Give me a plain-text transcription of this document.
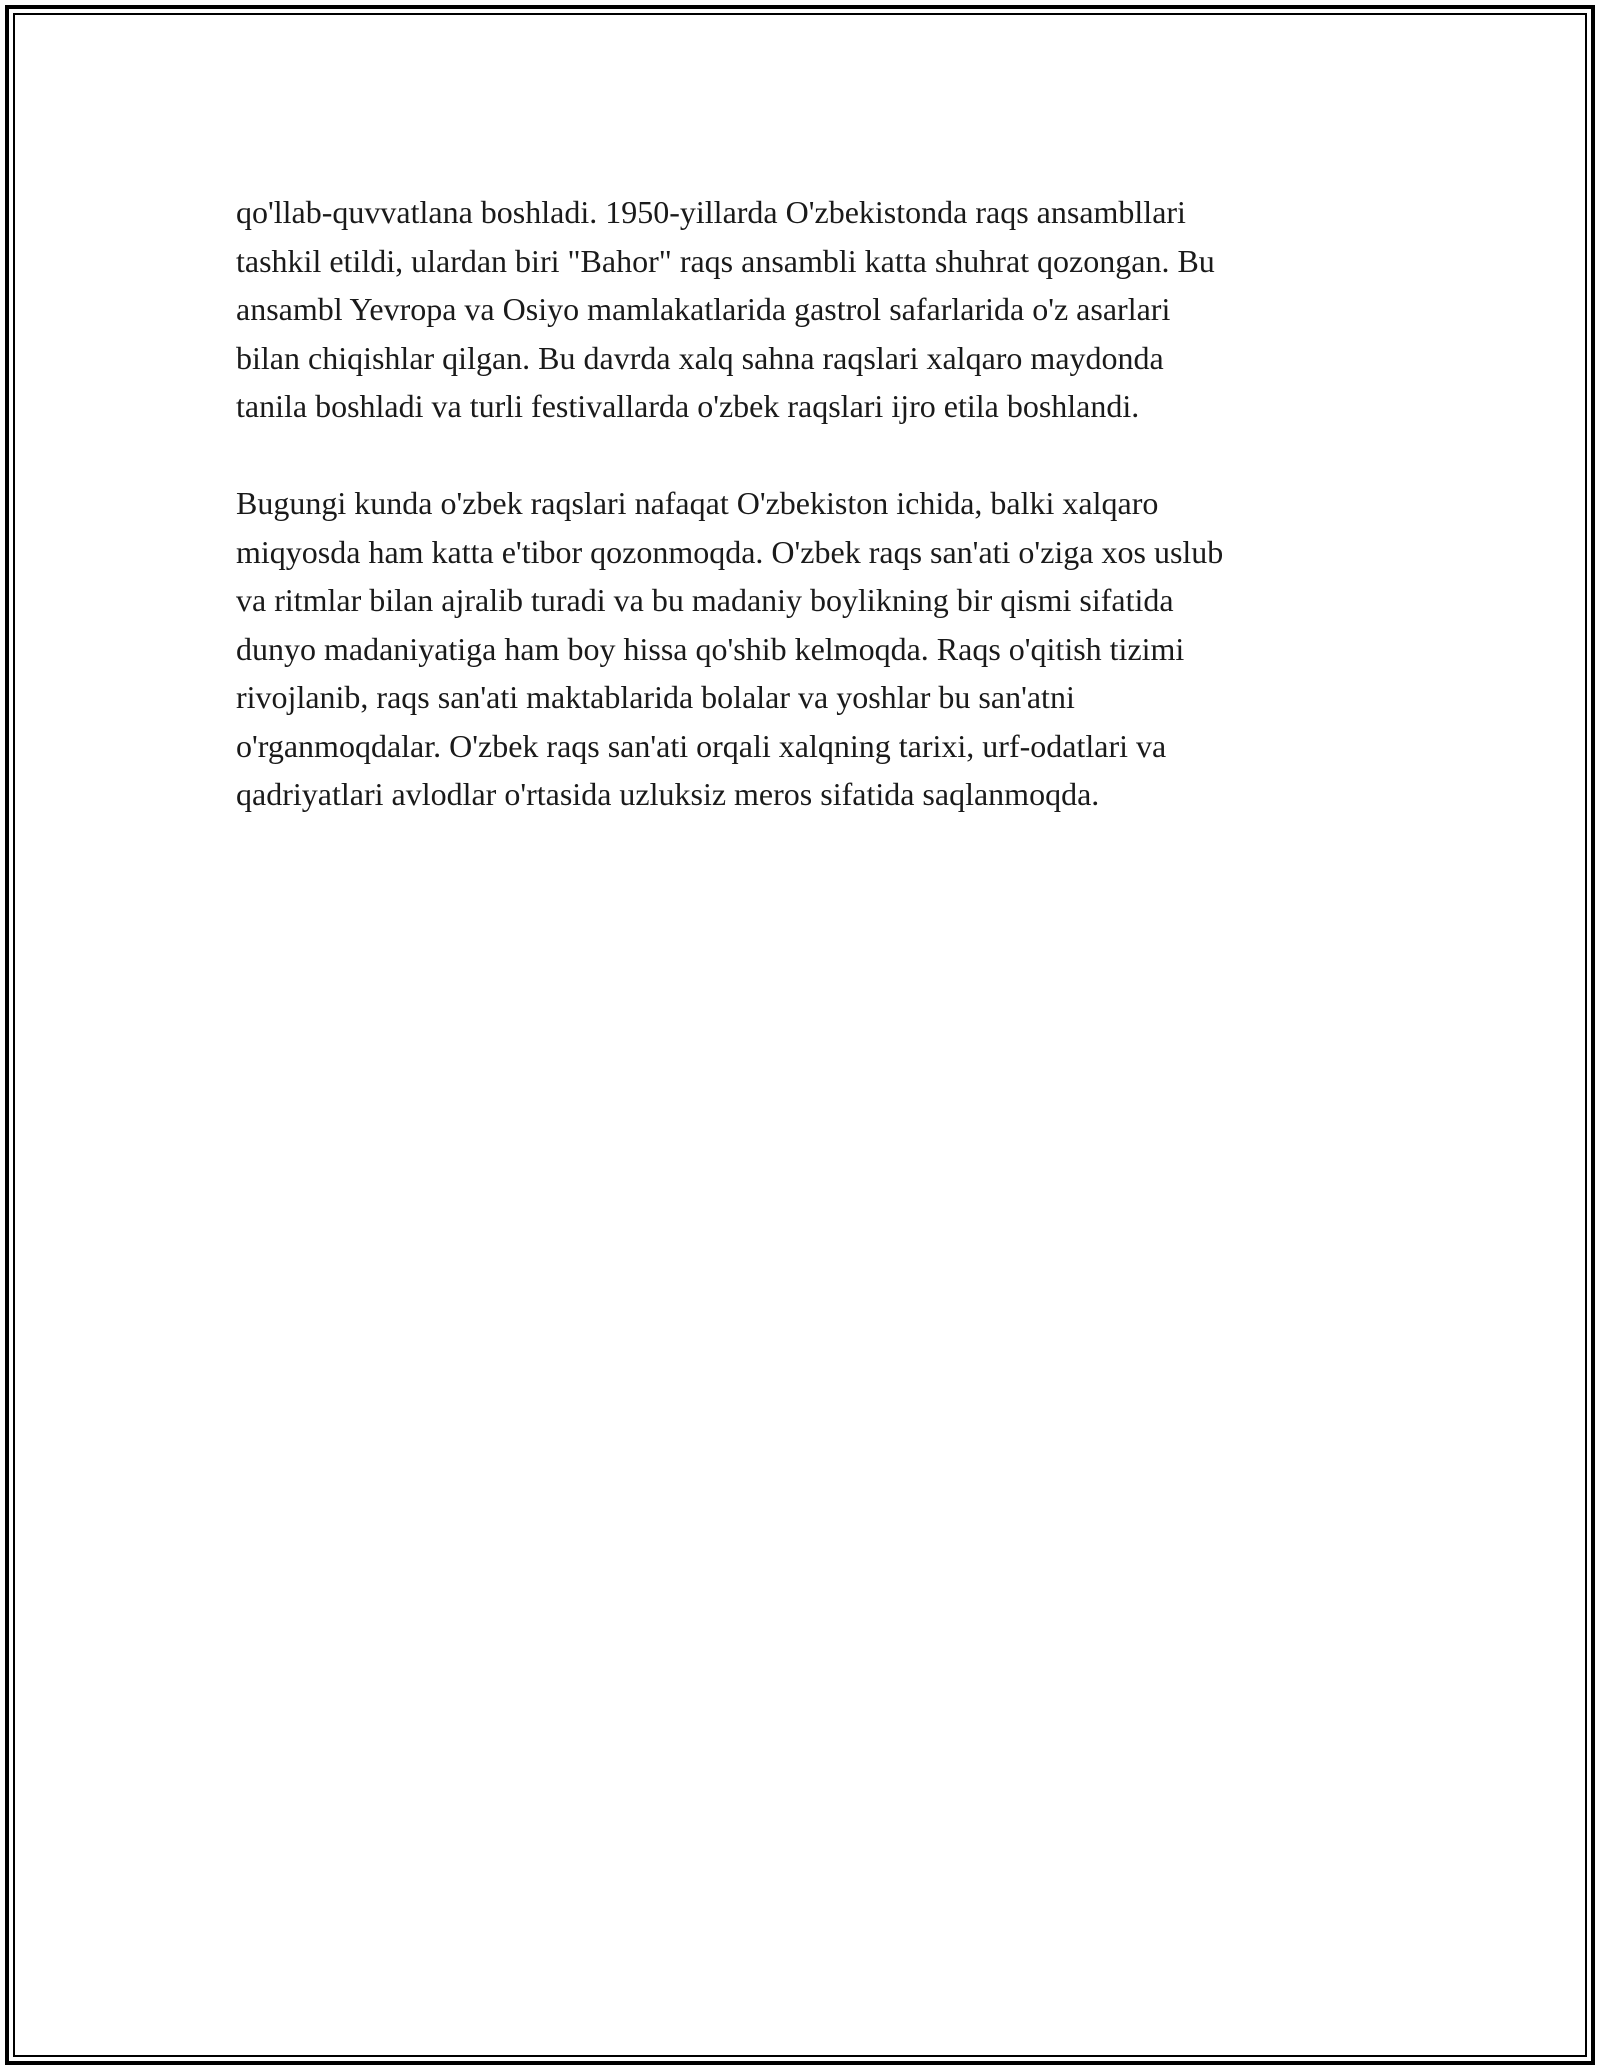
qo'llab-quvvatlana boshladi. 1950-yillarda O'zbekistonda raqs ansambllari
tashkil etildi, ulardan biri "Bahor" raqs ansambli katta shuhrat qozongan. Bu
ansambl Yevropa va Osiyo mamlakatlarida gastrol safarlarida o'z asarlari
bilan chiqishlar qilgan. Bu davrda xalq sahna raqslari xalqaro maydonda
tanila boshladi va turli festivallarda o'zbek raqslari ijro etila boshlandi.

Bugungi kunda o'zbek raqslari nafaqat O'zbekiston ichida, balki xalqaro
miqyosda ham katta e'tibor qozonmoqda. O'zbek raqs san'ati o'ziga xos uslub
va ritmlar bilan ajralib turadi va bu madaniy boylikning bir qismi sifatida
dunyo madaniyatiga ham boy hissa qo'shib kelmoqda. Raqs o'qitish tizimi
rivojlanib, raqs san'ati maktablarida bolalar va yoshlar bu san'atni
o'rganmoqdalar. O'zbek raqs san'ati orqali xalqning tarixi, urf-odatlari va
qadriyatlari avlodlar o'rtasida uzluksiz meros sifatida saqlanmoqda.
